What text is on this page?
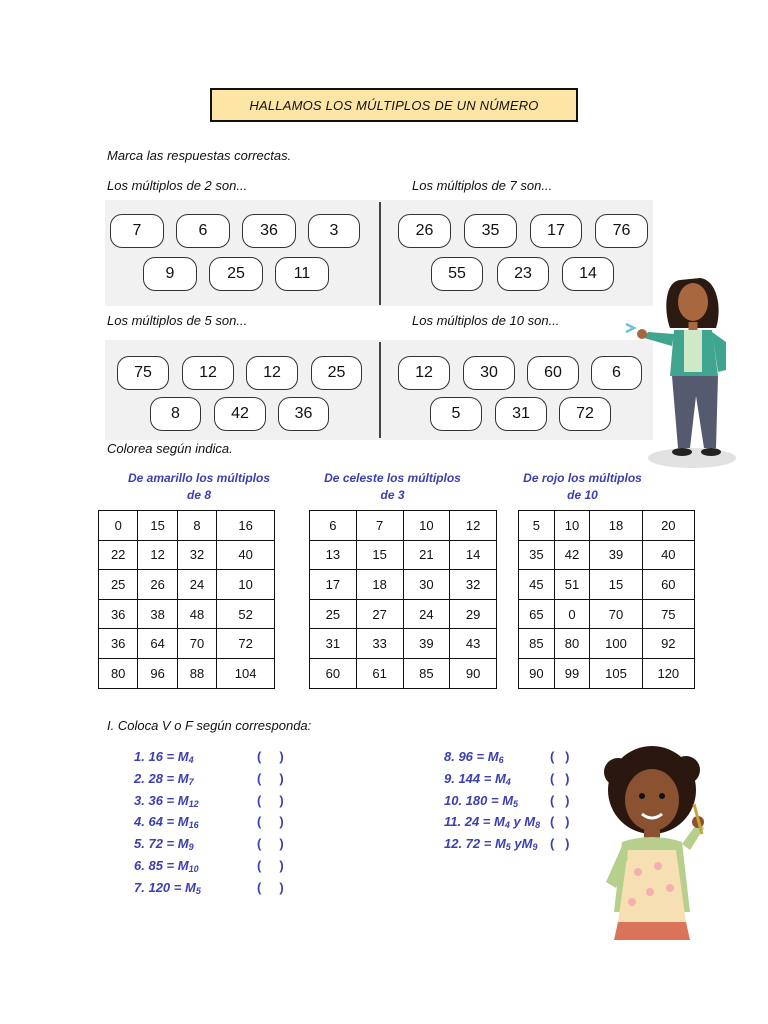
HALLAMOS LOS MÚLTIPLOS DE UN NÚMERO
Marca las respuestas correctas.
Los múltiplos de 2 son...	Los múltiplos de 7 son...
Los múltiplos de 5 son...	Los múltiplos de 10 son...
7	6	36	3
9	25	11
26	35	17	76
55	23	14
75	12	12	25
8	42	36
12	30	60	6
5	31	72
Colorea según indica.
De amarillo los múltiplos
de 8
De celeste los múltiplos
de 3
De rojo los múltiplos
de 10
0	15	8	16
22	12	32	40
25	26	24	10
36	38	48	52
36	64	70	72
80	96	88	104
6	7	10	12
13	15	21	14
17	18	30	32
25	27	24	29
31	33	39	43
60	61	85	90
5	10	18	20
35	42	39	40
45	51	15	60
65	0	70	75
85	80	100	92
90	99	105	120
I. Coloca V o F según corresponda:
1. $16 = M_4$	(     )
2. $28 = M_7$	(     )
3. $36 = M_{12}$	(     )
4. $64 = M_{16}$	(     )
5. $72 = M_9$	(     )
6. $85 = M_{10}$	(     )
7. $120 = M_5$	(     )
8. $96 = M_6$	(   )
9. $144 = M_4$	(   )
10. $180 = M_5$ (   )
11. $24 = M_4$ y $M_8$ (   )
12. $72 = M_5$ $yM_9$ (   )
